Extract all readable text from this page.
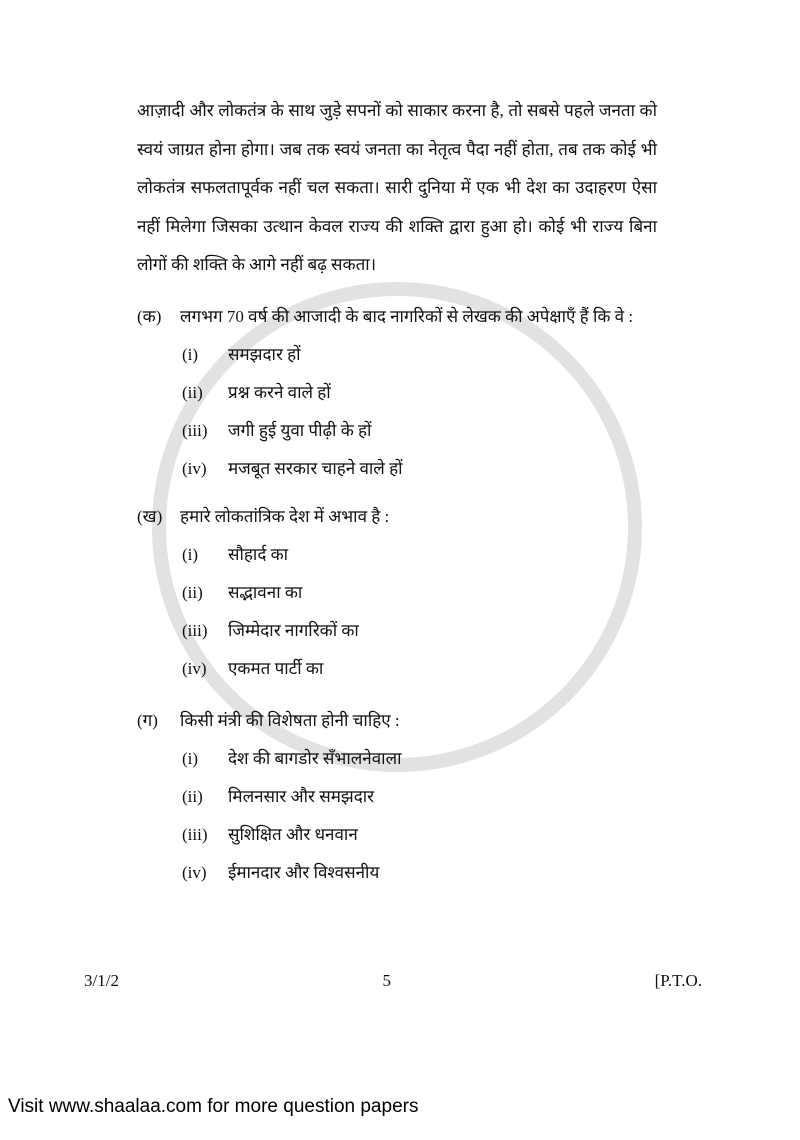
आज़ादी और लोकतंत्र के साथ जुड़े सपनों को साकार करना है, तो सबसे पहले जनता को स्वयं जाग्रत होना होगा। जब तक स्वयं जनता का नेतृत्व पैदा नहीं होता, तब तक कोई भी लोकतंत्र सफलतापूर्वक नहीं चल सकता। सारी दुनिया में एक भी देश का उदाहरण ऐसा नहीं मिलेगा जिसका उत्थान केवल राज्य की शक्ति द्वारा हुआ हो। कोई भी राज्य बिना लोगों की शक्ति के आगे नहीं बढ़ सकता।
(क) लगभग 70 वर्ष की आजादी के बाद नागरिकों से लेखक की अपेक्षाएँ हैं कि वे :
(i)	समझदार हों
(ii)	प्रश्न करने वाले हों
(iii)	जगी हुई युवा पीढ़ी के हों
(iv)	मजबूत सरकार चाहने वाले हों
(ख) हमारे लोकतांत्रिक देश में अभाव है :
(i)	सौहार्द का
(ii)	सद्भावना का
(iii)	जिम्मेदार नागरिकों का
(iv)	एकमत पार्टी का
(ग) किसी मंत्री की विशेषता होनी चाहिए :
(i)	देश की बागडोर सँभालनेवाला
(ii)	मिलनसार और समझदार
(iii)	सुशिक्षित और धनवान
(iv)	ईमानदार और विश्वसनीय
3/1/2	5	[P.T.O.
Visit www.shaalaa.com for more question papers
